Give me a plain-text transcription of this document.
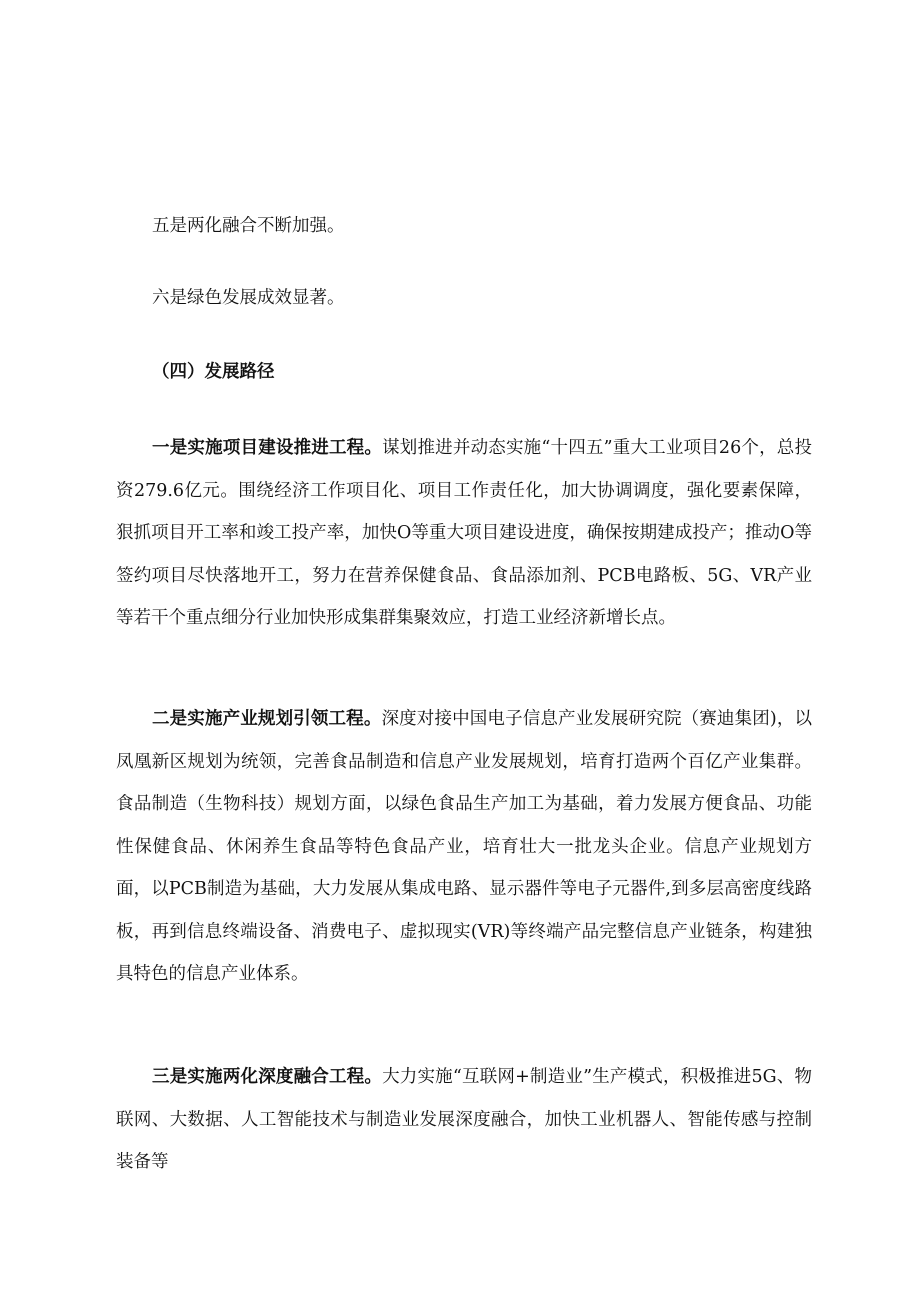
五是两化融合不断加强。

六是绿色发展成效显著。

（四）发展路径

一是实施项目建设推进工程。谋划推进并动态实施“十四五”重大工业项目26个，总投资279.6亿元。围绕经济工作项目化、项目工作责任化，加大协调调度，强化要素保障，狠抓项目开工率和竣工投产率，加快O等重大项目建设进度，确保按期建成投产；推动O等签约项目尽快落地开工，努力在营养保健食品、食品添加剂、PCB电路板、5G、VR产业等若干个重点细分行业加快形成集群集聚效应，打造工业经济新增长点。

二是实施产业规划引领工程。深度对接中国电子信息产业发展研究院（赛迪集团)，以凤凰新区规划为统领，完善食品制造和信息产业发展规划，培育打造两个百亿产业集群。食品制造（生物科技）规划方面，以绿色食品生产加工为基础，着力发展方便食品、功能性保健食品、休闲养生食品等特色食品产业，培育壮大一批龙头企业。信息产业规划方面，以PCB制造为基础，大力发展从集成电路、显示器件等电子元器件,到多层高密度线路板，再到信息终端设备、消费电子、虚拟现实(VR)等终端产品完整信息产业链条，构建独具特色的信息产业体系。

三是实施两化深度融合工程。大力实施“互联网+制造业”生产模式，积极推进5G、物联网、大数据、人工智能技术与制造业发展深度融合，加快工业机器人、智能传感与控制装备等
